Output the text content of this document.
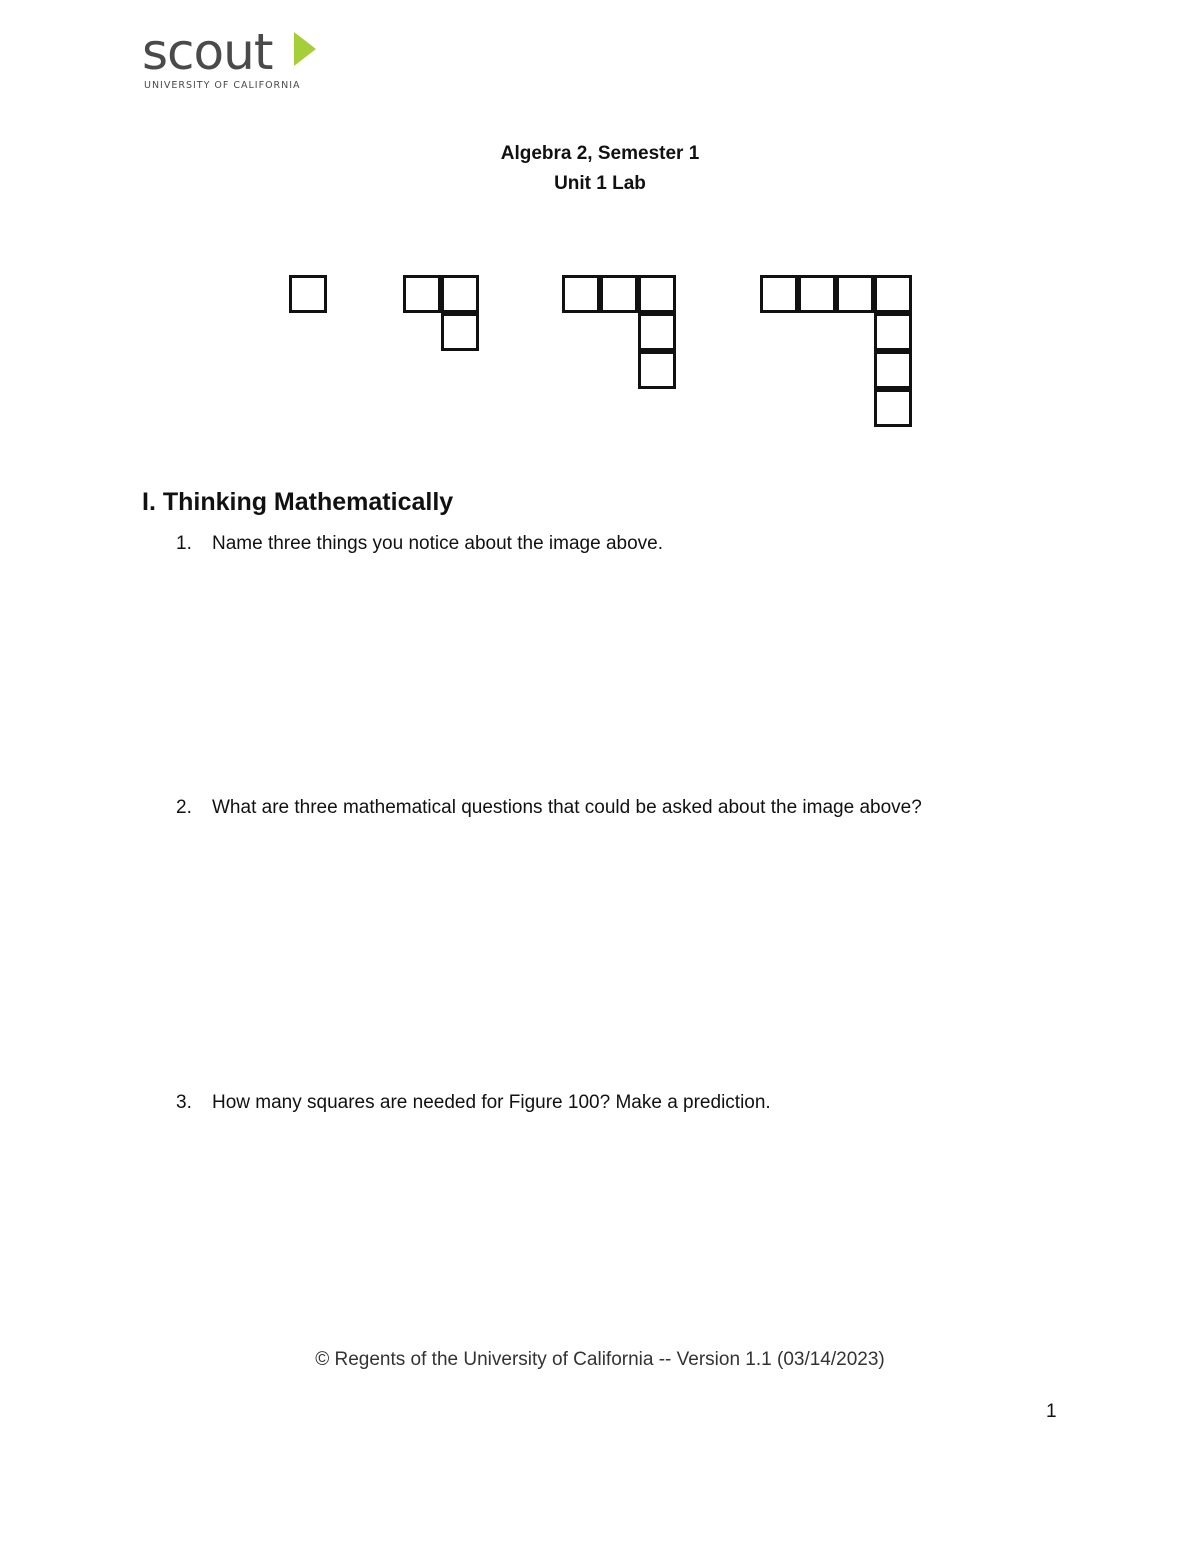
scout
UNIVERSITY OF CALIFORNIA
Algebra 2, Semester 1
Unit 1 Lab
I. Thinking Mathematically
1. Name three things you notice about the image above.
2. What are three mathematical questions that could be asked about the image above?
3. How many squares are needed for Figure 100? Make a prediction.
© Regents of the University of California -- Version 1.1 (03/14/2023)
1
